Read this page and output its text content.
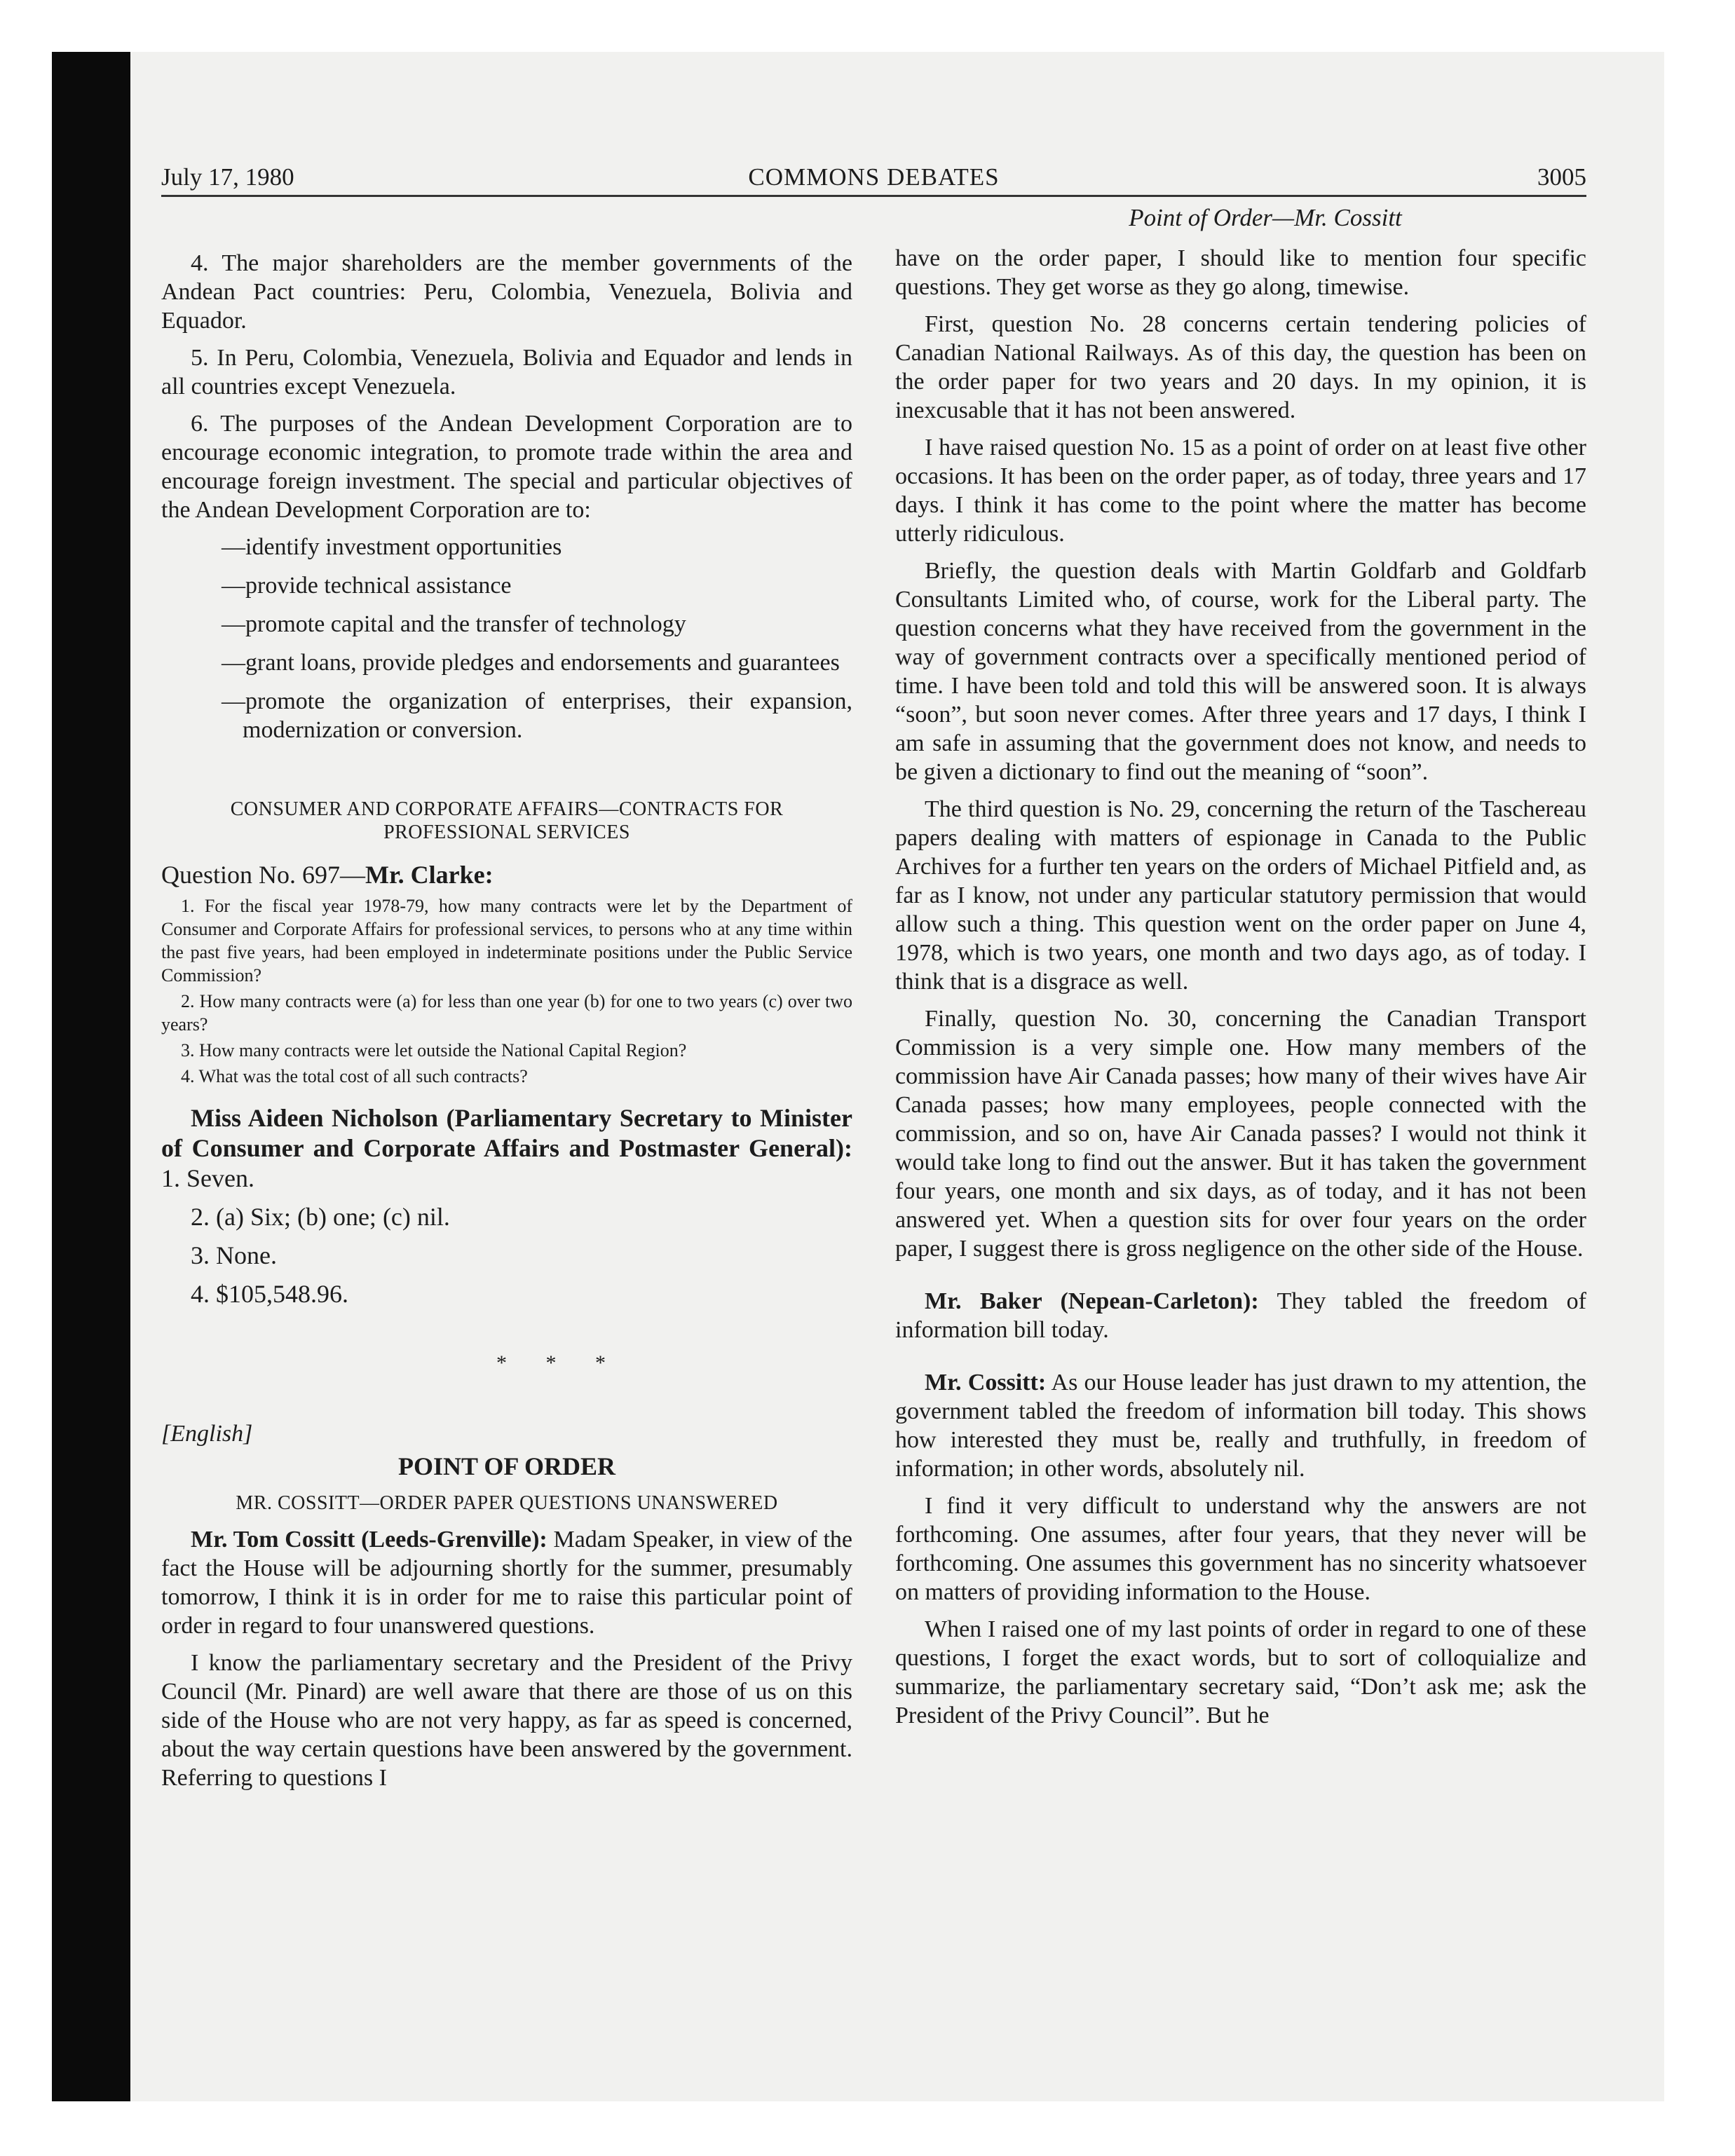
July 17, 1980	COMMONS DEBATES	3005

4. The major shareholders are the member governments of the Andean Pact countries: Peru, Colombia, Venezuela, Bolivia and Equador.

5. In Peru, Colombia, Venezuela, Bolivia and Equador and lends in all countries except Venezuela.

6. The purposes of the Andean Development Corporation are to encourage economic integration, to promote trade within the area and encourage foreign investment. The special and particular objectives of the Andean Development Corporation are to:

—identify investment opportunities
—provide technical assistance
—promote capital and the transfer of technology
—grant loans, provide pledges and endorsements and guarantees
—promote the organization of enterprises, their expansion, modernization or conversion.
CONSUMER AND CORPORATE AFFAIRS—CONTRACTS FOR PROFESSIONAL SERVICES
Question No. 697—Mr. Clarke:

1. For the fiscal year 1978-79, how many contracts were let by the Department of Consumer and Corporate Affairs for professional services, to persons who at any time within the past five years, had been employed in indeterminate positions under the Public Service Commission?

2. How many contracts were (a) for less than one year (b) for one to two years (c) over two years?

3. How many contracts were let outside the National Capital Region?

4. What was the total cost of all such contracts?

Miss Aideen Nicholson (Parliamentary Secretary to Minister of Consumer and Corporate Affairs and Postmaster General): 1. Seven.

2. (a) Six; (b) one; (c) nil.

3. None.

4. $105,548.96.

* * *
[English]
POINT OF ORDER
MR. COSSITT—ORDER PAPER QUESTIONS UNANSWERED

Mr. Tom Cossitt (Leeds-Grenville): Madam Speaker, in view of the fact the House will be adjourning shortly for the summer, presumably tomorrow, I think it is in order for me to raise this particular point of order in regard to four unanswered questions.

I know the parliamentary secretary and the President of the Privy Council (Mr. Pinard) are well aware that there are those of us on this side of the House who are not very happy, as far as speed is concerned, about the way certain questions have been answered by the government. Referring to questions I

Point of Order—Mr. Cossitt

have on the order paper, I should like to mention four specific questions. They get worse as they go along, timewise.

First, question No. 28 concerns certain tendering policies of Canadian National Railways. As of this day, the question has been on the order paper for two years and 20 days. In my opinion, it is inexcusable that it has not been answered.

I have raised question No. 15 as a point of order on at least five other occasions. It has been on the order paper, as of today, three years and 17 days. I think it has come to the point where the matter has become utterly ridiculous.

Briefly, the question deals with Martin Goldfarb and Goldfarb Consultants Limited who, of course, work for the Liberal party. The question concerns what they have received from the government in the way of government contracts over a specifically mentioned period of time. I have been told and told this will be answered soon. It is always “soon”, but soon never comes. After three years and 17 days, I think I am safe in assuming that the government does not know, and needs to be given a dictionary to find out the meaning of “soon”.

The third question is No. 29, concerning the return of the Taschereau papers dealing with matters of espionage in Canada to the Public Archives for a further ten years on the orders of Michael Pitfield and, as far as I know, not under any particular statutory permission that would allow such a thing. This question went on the order paper on June 4, 1978, which is two years, one month and two days ago, as of today. I think that is a disgrace as well.

Finally, question No. 30, concerning the Canadian Transport Commission is a very simple one. How many members of the commission have Air Canada passes; how many of their wives have Air Canada passes; how many employees, people connected with the commission, and so on, have Air Canada passes? I would not think it would take long to find out the answer. But it has taken the government four years, one month and six days, as of today, and it has not been answered yet. When a question sits for over four years on the order paper, I suggest there is gross negligence on the other side of the House.

Mr. Baker (Nepean-Carleton): They tabled the freedom of information bill today.

Mr. Cossitt: As our House leader has just drawn to my attention, the government tabled the freedom of information bill today. This shows how interested they must be, really and truthfully, in freedom of information; in other words, absolutely nil.

I find it very difficult to understand why the answers are not forthcoming. One assumes, after four years, that they never will be forthcoming. One assumes this government has no sincerity whatsoever on matters of providing information to the House.

When I raised one of my last points of order in regard to one of these questions, I forget the exact words, but to sort of colloquialize and summarize, the parliamentary secretary said, “Don’t ask me; ask the President of the Privy Council”. But he
